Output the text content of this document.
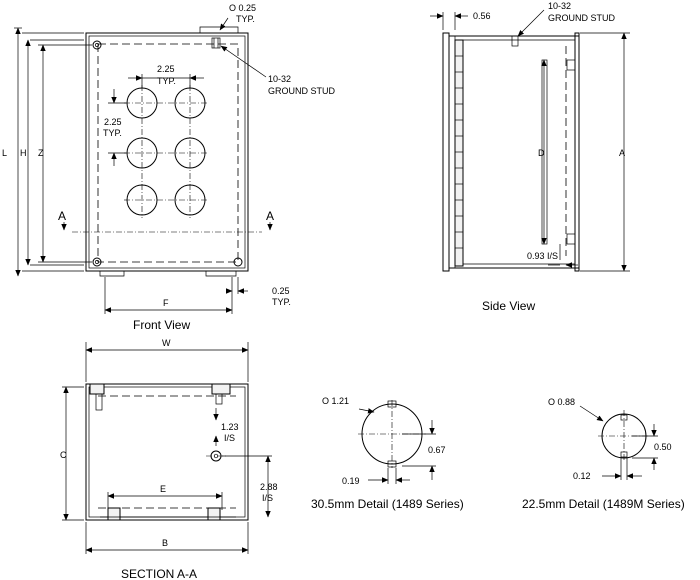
A	A
L H Z
2.25
TYP.
2.25
TYP.
O 0.25
TYP.
10-32
GROUND STUD
F
0.25
TYP.
Front View
10-32
GROUND STUD
0.56
D	A
0.93 I/S
Side View
W
C
1.23
I/S
2.88
I/S
E
B
SECTION A-A
O 1.21
0.67
0.19
30.5mm Detail (1489 Series)
O 0.88
0.50
0.12
22.5mm Detail (1489M Series)
